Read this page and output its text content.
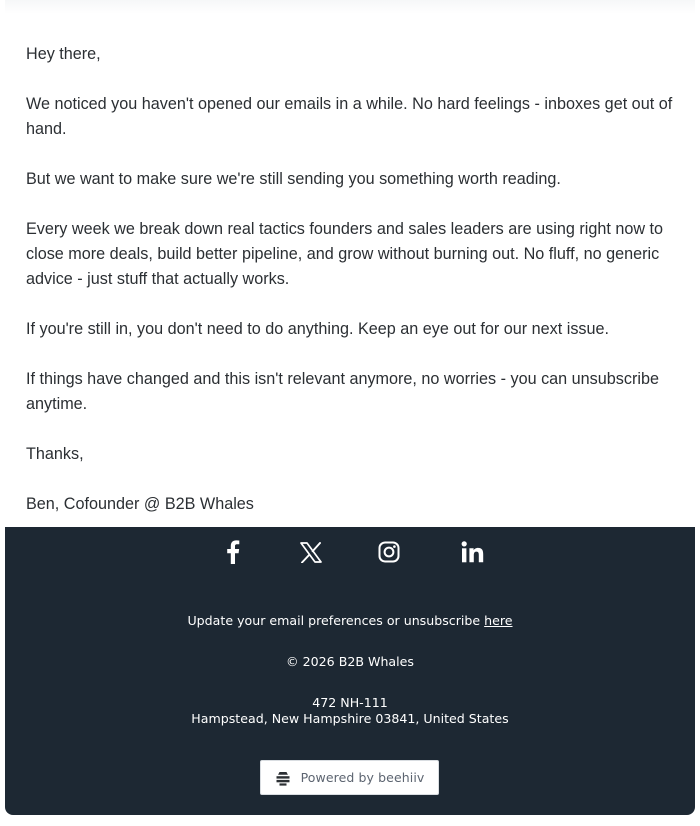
Hey there,

We noticed you haven't opened our emails in a while. No hard feelings - inboxes get out of hand.

But we want to make sure we're still sending you something worth reading.

Every week we break down real tactics founders and sales leaders are using right now to close more deals, build better pipeline, and grow without burning out. No fluff, no generic advice - just stuff that actually works.

If you're still in, you don't need to do anything. Keep an eye out for our next issue.

If things have changed and this isn't relevant anymore, no worries - you can unsubscribe anytime.

Thanks,

Ben, Cofounder @ B2B Whales

Update your email preferences or unsubscribe here
© 2026 B2B Whales
472 NH-111
Hampstead, New Hampshire 03841, United States
Powered by beehiiv
